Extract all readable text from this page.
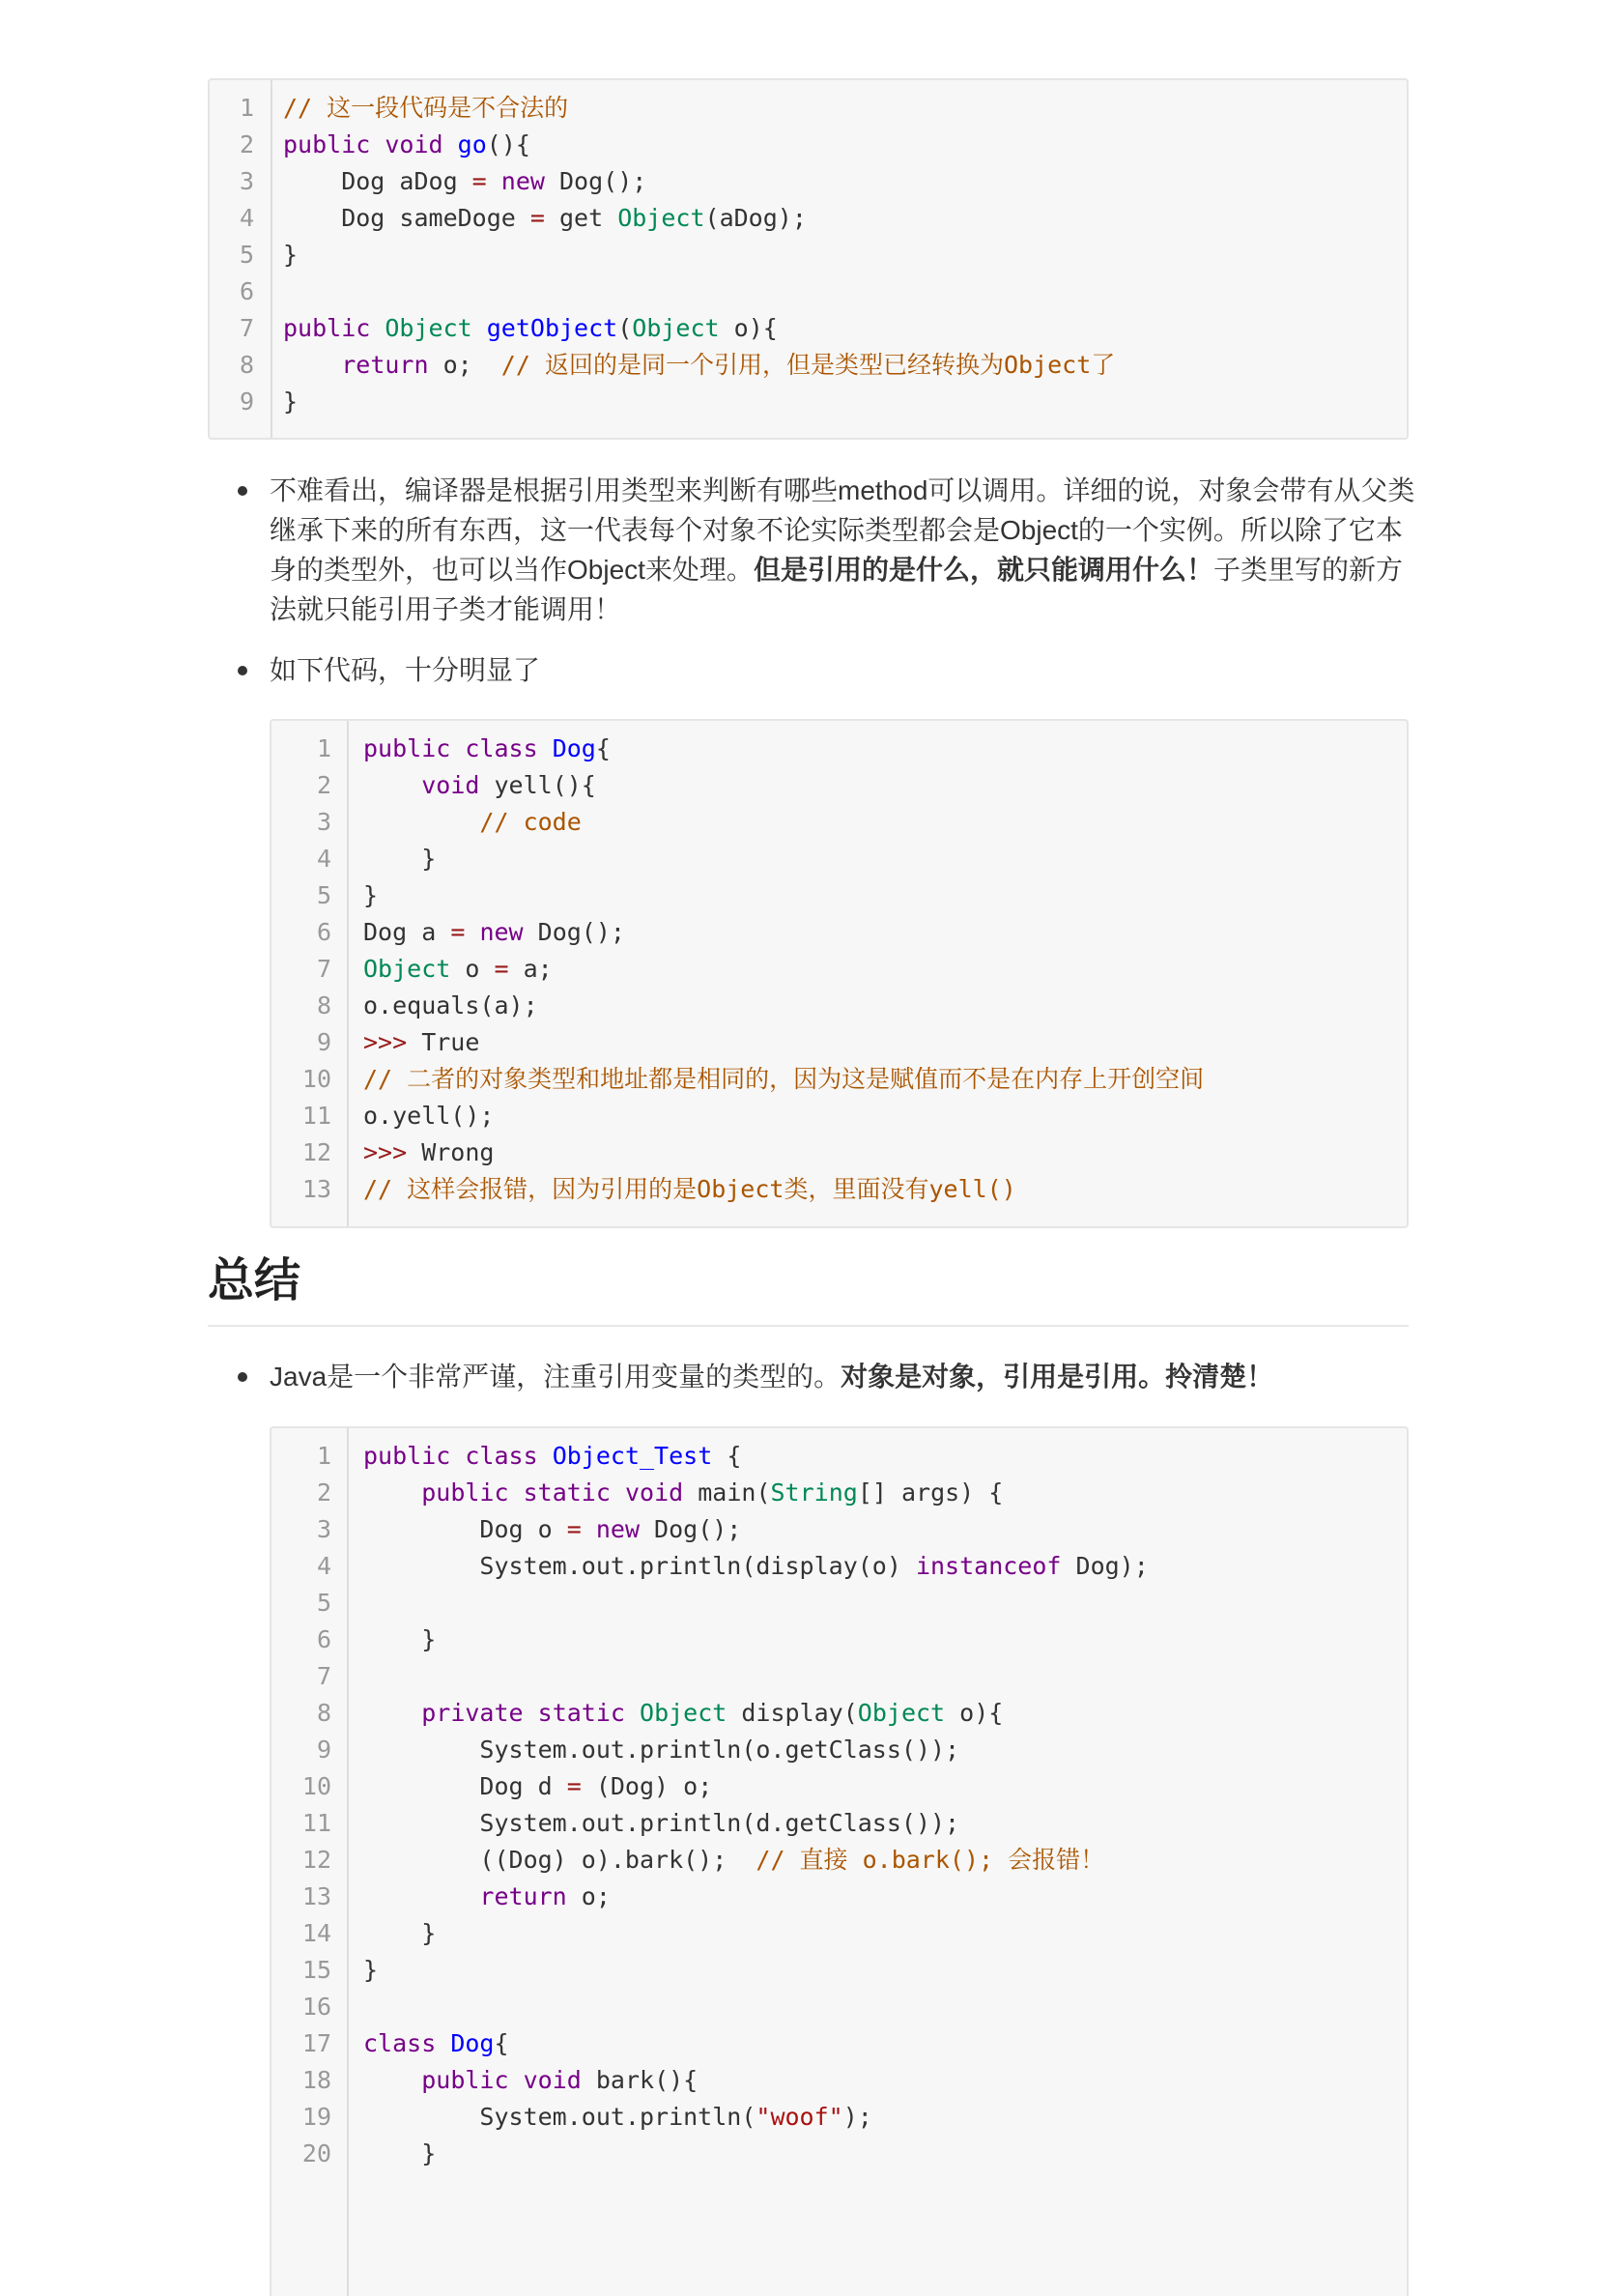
1 // 这一段代码是不合法的
2 public void go(){
3 Dog aDog = new Dog();
4 Dog sameDoge = get Object(aDog);
5 }
6
7 public Object getObject(Object o){
8	return o;  // 返回的是同一个引用，但是类型已经转换为Object了
9 }
不难看出，编译器是根据引用类型来判断有哪些method可以调用。详细的说，对象会带有从父类
继承下来的所有东西，这一代表每个对象不论实际类型都会是Object的一个实例。所以除了它本
身的类型外，也可以当作Object来处理。但是引用的是什么，就只能调用什么！子类里写的新方
法就只能引用子类才能调用！
如下代码，十分明显了
1 public class Dog{
2	void yell(){
3	// code
4 }
5 }
6 Dog a = new Dog();
7 Object o = a;
8 o.equals(a);
9 >>> True
10 // 二者的对象类型和地址都是相同的，因为这是赋值而不是在内存上开创空间
11 o.yell();
12 >>> Wrong
13 // 这样会报错，因为引用的是Object类，里面没有yell()
总结
Java是一个非常严谨，注重引用变量的类型的。对象是对象，引用是引用。拎清楚！
1 public class Object_Test {
2	public static void main(String[] args) {
3 Dog o = new Dog();
4 System.out.println(display(o) instanceof Dog);
5
6 }
7
8	private static Object display(Object o){
9 System.out.println(o.getClass());
10 Dog d = (Dog) o;
11 System.out.println(d.getClass());
12 ((Dog) o).bark();  // 直接 o.bark(); 会报错！
13	return o;
14 }
15 }
16
17 class Dog{
18	public void bark(){
19 System.out.println("woof");
20 }
